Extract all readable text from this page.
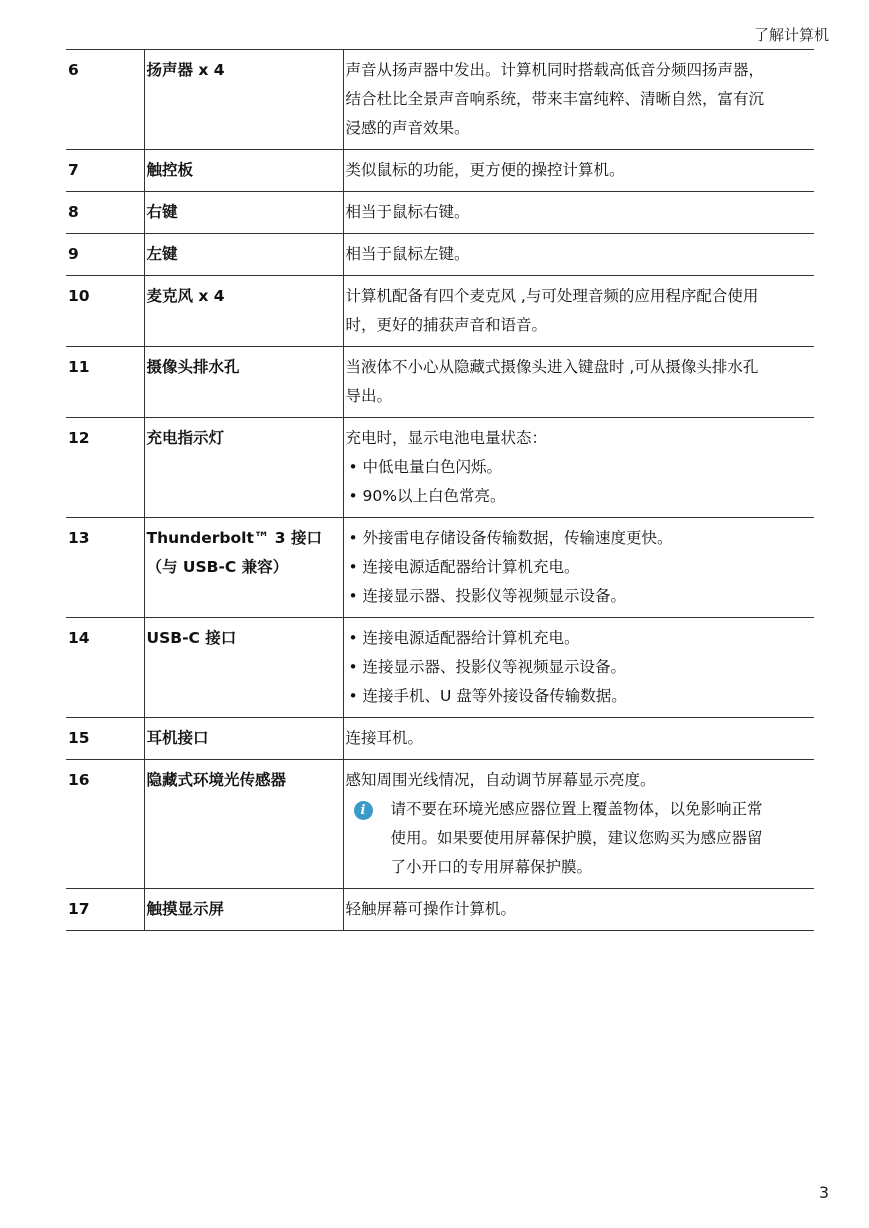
了解计算机
6	扬声器 x 4	声音从扬声器中发出。计算机同时搭载高低音分频四扬声器，
结合杜比全景声音响系统，带来丰富纯粹、清晰自然，富有沉
浸感的声音效果。

7	触控板	类似鼠标的功能，更方便的操控计算机。

8	右键	相当于鼠标右键。

9	左键	相当于鼠标左键。

10	麦克风 x 4	计算机配备有四个麦克风 ,与可处理音频的应用程序配合使用
时，更好的捕获声音和语音。

11	摄像头排水孔	当液体不小心从隐藏式摄像头进入键盘时 ,可从摄像头排水孔
导出。

12	充电指示灯	充电时，显示电池电量状态：
• 中低电量白色闪烁。
• 90%以上白色常亮。

13	Thunderbolt™ 3 接口
（与 USB-C 兼容）	• 外接雷电存储设备传输数据，传输速度更快。
• 连接电源适配器给计算机充电。
• 连接显示器、投影仪等视频显示设备。

14	USB-C 接口	• 连接电源适配器给计算机充电。
• 连接显示器、投影仪等视频显示设备。
• 连接手机、U 盘等外接设备传输数据。

15	耳机接口	连接耳机。

16	隐藏式环境光传感器	感知周围光线情况，自动调节屏幕显示亮度。
i 请不要在环境光感应器位置上覆盖物体，以免影响正常
使用。如果要使用屏幕保护膜，建议您购买为感应器留
了小开口的专用屏幕保护膜。

17	触摸显示屏	轻触屏幕可操作计算机。
3
